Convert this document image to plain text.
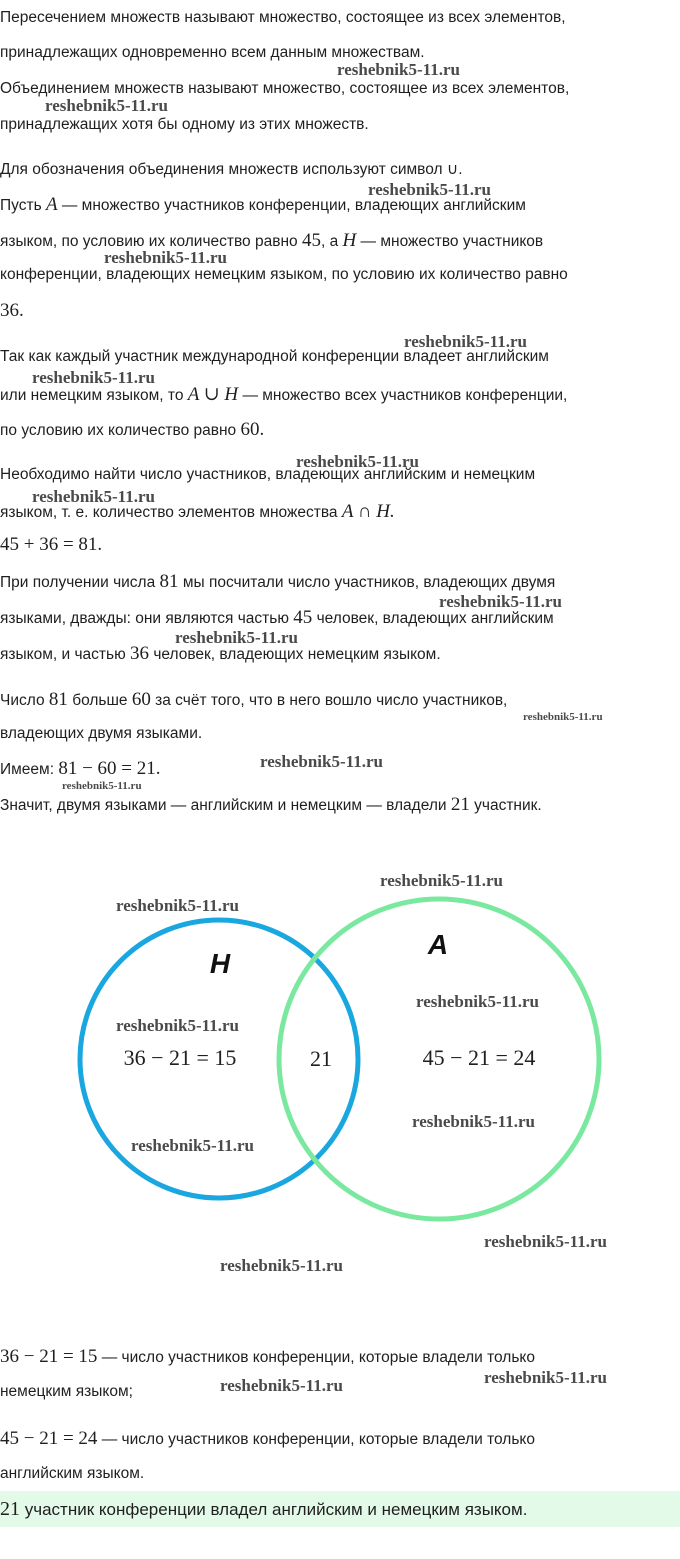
Пересечением множеств называют множество, состоящее из всех элементов,
принадлежащих одновременно всем данным множествам.
Объединением множеств называют множество, состоящее из всех элементов,
принадлежащих хотя бы одному из этих множеств.
Для обозначения объединения множеств используют символ ∪.
Пусть A — множество участников конференции, владеющих английским
языком, по условию их количество равно 45, а H — множество участников
конференции, владеющих немецким языком, по условию их количество равно
36.
Так как каждый участник международной конференции владеет английским
или немецким языком, то A ∪ H — множество всех участников конференции,
по условию их количество равно 60.
Необходимо найти число участников, владеющих английским и немецким
языком, т. е. количество элементов множества A ∩ H.
45 + 36 = 81.
При получении числа 81 мы посчитали число участников, владеющих двумя
языками, дважды: они являются частью 45 человек, владеющих английским
языком, и частью 36 человек, владеющих немецким языком.
Число 81 больше 60 за счёт того, что в него вошло число участников,
владеющих двумя языками.
Имеем: 81 − 60 = 21.
Значит, двумя языками — английским и немецким — владели 21 участник.
H
A
36 − 21 = 15	21	45 − 21 = 24
36 − 21 = 15 — число участников конференции, которые владели только
немецким языком;
45 − 21 = 24 — число участников конференции, которые владели только
английским языком.
21 участник конференции владел английским и немецким языком.
reshebnik5-11.ru
reshebnik5-11.ru
reshebnik5-11.ru
reshebnik5-11.ru
reshebnik5-11.ru
reshebnik5-11.ru
reshebnik5-11.ru
reshebnik5-11.ru
reshebnik5-11.ru
reshebnik5-11.ru
reshebnik5-11.ru
reshebnik5-11.ru
reshebnik5-11.ru
reshebnik5-11.ru
reshebnik5-11.ru
reshebnik5-11.ru
reshebnik5-11.ru
reshebnik5-11.ru
reshebnik5-11.ru
reshebnik5-11.ru
reshebnik5-11.ru
reshebnik5-11.ru	reshebnik5-11.ru
